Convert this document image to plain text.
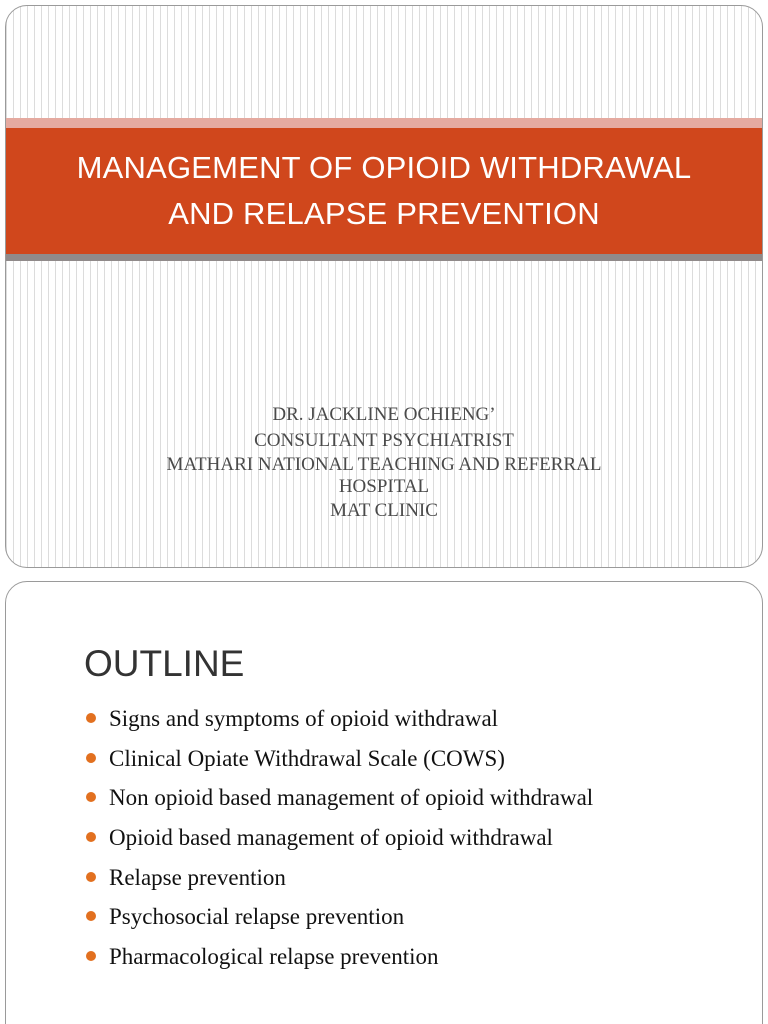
MANAGEMENT OF OPIOID WITHDRAWAL
AND RELAPSE PREVENTION
DR. JACKLINE OCHIENG’
CONSULTANT PSYCHIATRIST
MATHARI NATIONAL TEACHING AND REFERRAL
HOSPITAL
MAT CLINIC
OUTLINE
Signs and symptoms of opioid withdrawal
Clinical Opiate Withdrawal Scale (COWS)
Non opioid based management of opioid withdrawal
Opioid based management of opioid withdrawal
Relapse prevention
Psychosocial relapse prevention
Pharmacological relapse prevention
